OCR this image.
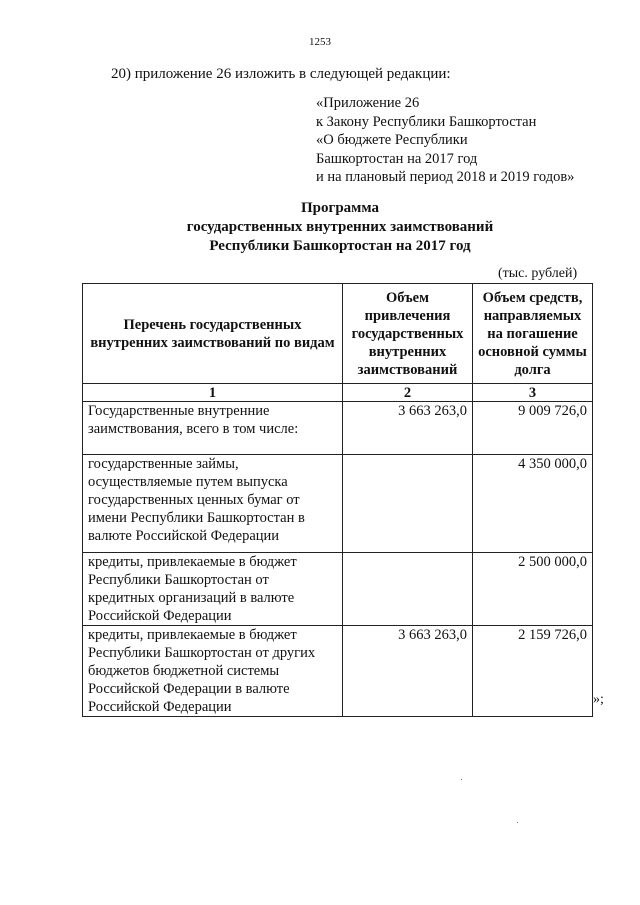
1253
20) приложение 26 изложить в следующей редакции:
«Приложение 26
к Закону Республики Башкортостан
«О бюджете Республики
Башкортостан на 2017 год
и на плановый период 2018 и 2019 годов»
Программа
государственных внутренних заимствований
Республики Башкортостан на 2017 год
(тыс. рублей)
Перечень государственных внутренних заимствований по видам	Объем привлечения государственных внутренних заимствований	Объем средств, направляемых на погашение основной суммы долга
1	2	3
Государственные внутренние заимствования, всего в том числе:	3 663 263,0	9 009 726,0
государственные займы, осуществляемые путем выпуска государственных ценных бумаг от имени Республики Башкортостан в валюте Российской Федерации		4 350 000,0
кредиты, привлекаемые в бюджет Республики Башкортостан от кредитных организаций в валюте Российской Федерации		2 500 000,0
кредиты, привлекаемые в бюджет Республики Башкортостан от других бюджетов бюджетной системы Российской Федерации в валюте Российской Федерации	3 663 263,0	2 159 726,0
»;
